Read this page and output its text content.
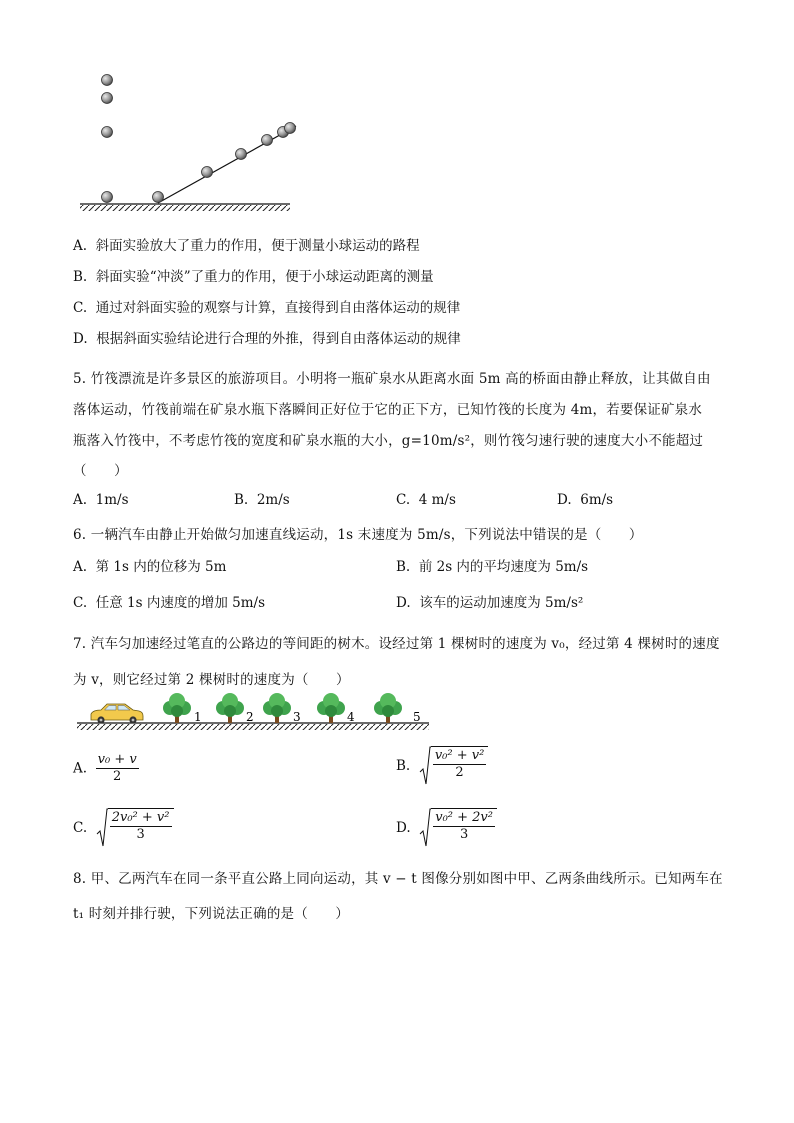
A. 斜面实验放大了重力的作用，便于测量小球运动的路程
B. 斜面实验“冲淡”了重力的作用，便于小球运动距离的测量
C. 通过对斜面实验的观察与计算，直接得到自由落体运动的规律
D. 根据斜面实验结论进行合理的外推，得到自由落体运动的规律
5. 竹筏漂流是许多景区的旅游项目。小明将一瓶矿泉水从距离水面 5m 高的桥面由静止释放，让其做自由
落体运动，竹筏前端在矿泉水瓶下落瞬间正好位于它的正下方，已知竹筏的长度为 4m，若要保证矿泉水
瓶落入竹筏中，不考虑竹筏的宽度和矿泉水瓶的大小，g=10m/s²，则竹筏匀速行驶的速度大小不能超过
（　　）
A. 1m/s	B. 2m/s	C. 4 m/s	D. 6m/s
6. 一辆汽车由静止开始做匀加速直线运动，1s 末速度为 5m/s，下列说法中错误的是（　　）
A. 第 1s 内的位移为 5m	B. 前 2s 内的平均速度为 5m/s
C. 任意 1s 内速度的增加 5m/s	D. 该车的运动加速度为 5m/s²
7. 汽车匀加速经过笔直的公路边的等间距的树木。设经过第 1 棵树时的速度为 v₀，经过第 4 棵树时的速度
为 v，则它经过第 2 棵树时的速度为（　　）
1	2	3	4	5
A. $\frac{\text{v₀ + v}}{2}$	B. $\frac{\text{v₀² + v²}}{2}$
C. $\frac{\text{2v₀² + v²}}{3}$	D. $\frac{\text{v₀² + 2v²}}{3}$
8. 甲、乙两汽车在同一条平直公路上同向运动，其 v − t 图像分别如图中甲、乙两条曲线所示。已知两车在
t₁ 时刻并排行驶，下列说法正确的是（　　）
